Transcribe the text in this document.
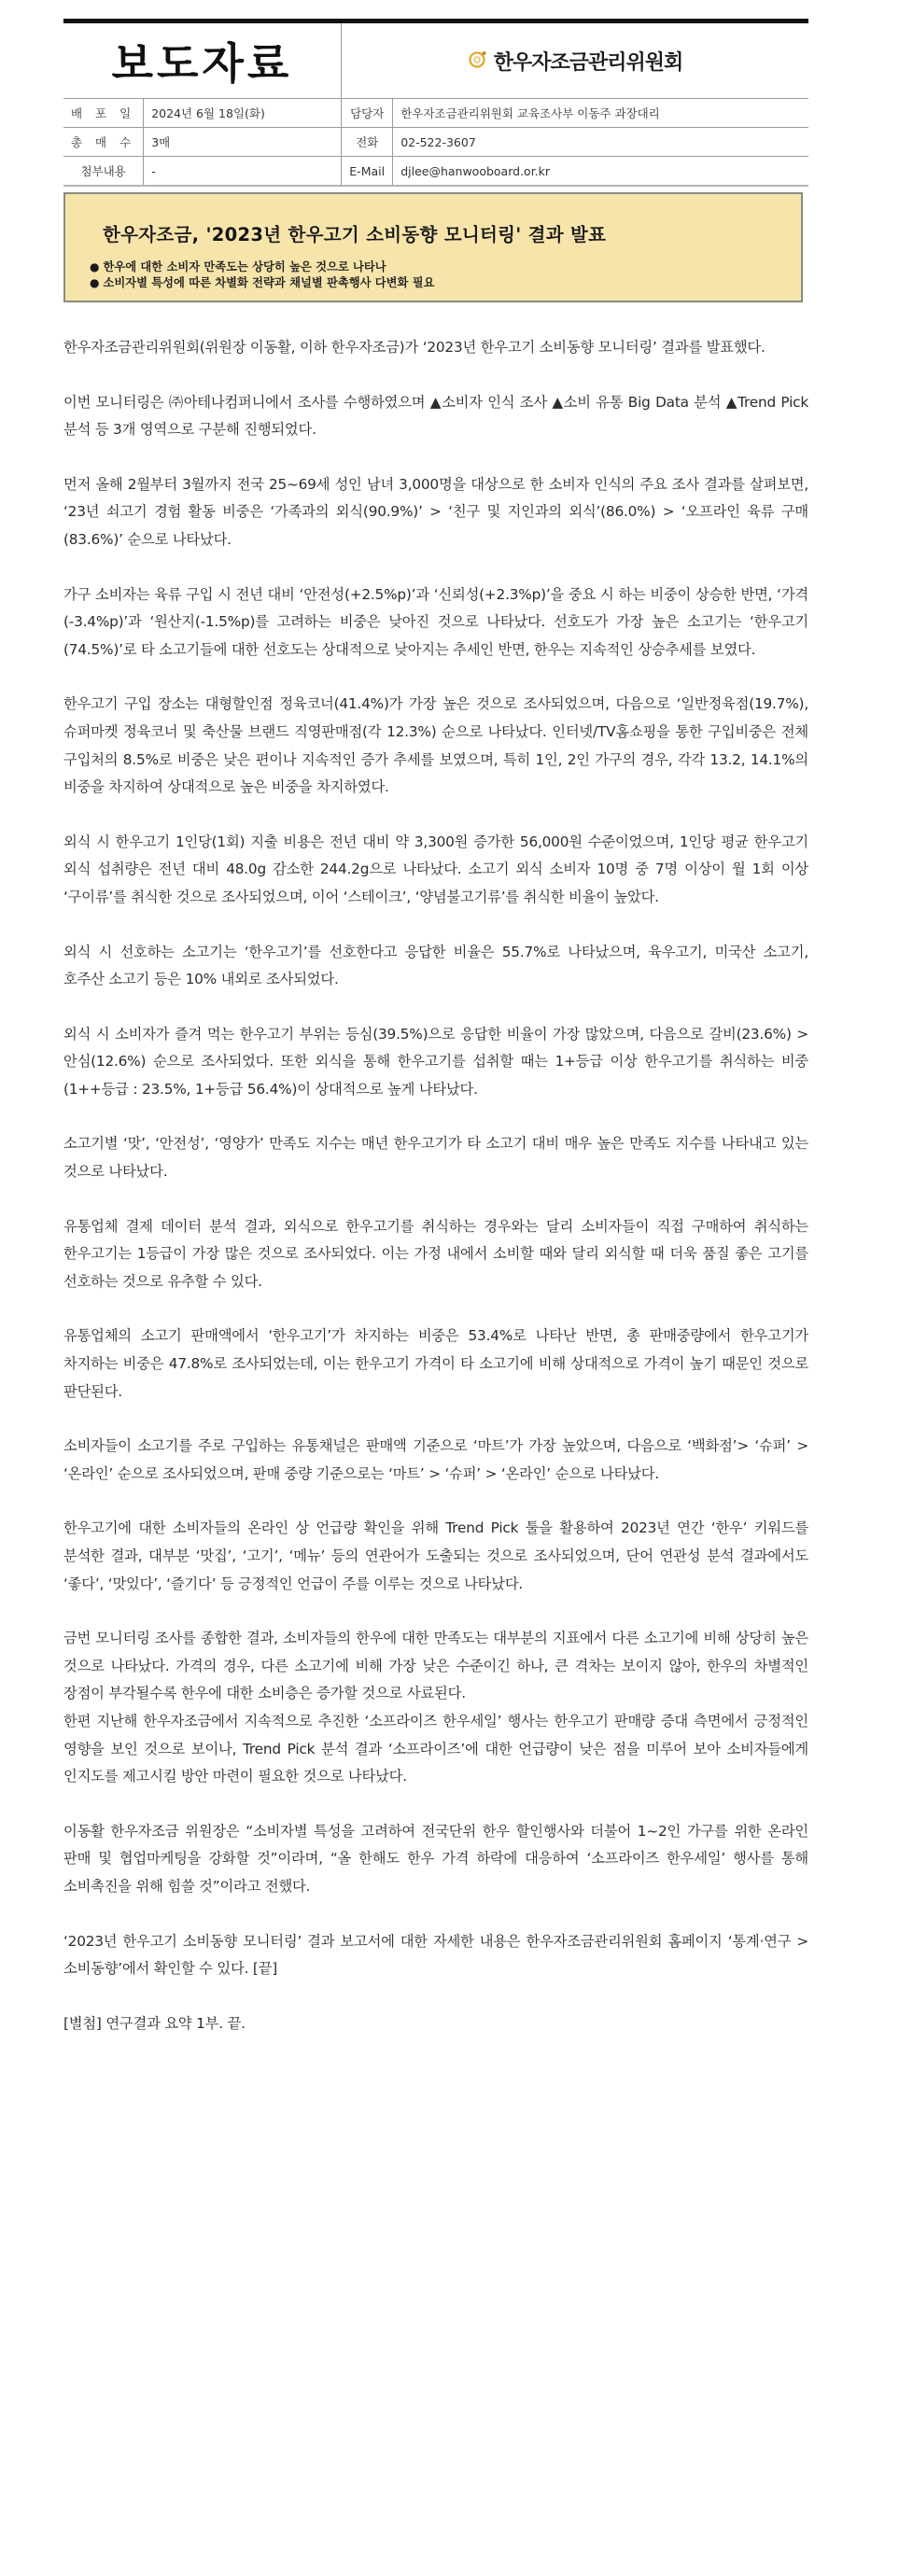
보도자료	한우자조금관리위원회
배 포 일	2024년 6월 18일(화)	담당자	한우자조금관리위원회 교육조사부 이동주 과장대리
총 매 수	3매	전화	02-522-3607
첨부내용	-	E-Mail	djlee@hanwooboard.or.kr
한우자조금, '2023년 한우고기 소비동향 모니터링' 결과 발표
● 한우에 대한 소비자 만족도는 상당히 높은 것으로 나타나
● 소비자별 특성에 따른 차별화 전략과 채널별 판촉행사 다변화 필요

한우자조금관리위원회(위원장 이동활, 이하 한우자조금)가 ‘2023년 한우고기 소비동향 모니터링’ 결과를 발표했다.

이번 모니터링은 ㈜아테나컴퍼니에서 조사를 수행하였으며 ▲소비자 인식 조사 ▲소비 유통 Big Data 분석 ▲Trend Pick 분석 등 3개 영역으로 구분해 진행되었다.

먼저 올해 2월부터 3월까지 전국 25~69세 성인 남녀 3,000명을 대상으로 한 소비자 인식의 주요 조사 결과를 살펴보면, ‘23년 쇠고기 경험 활동 비중은 ‘가족과의 외식(90.9%)’ > ‘친구 및 지인과의 외식’(86.0%) > ‘오프라인 육류 구매(83.6%)’ 순으로 나타났다.

가구 소비자는 육류 구입 시 전년 대비 ‘안전성(+2.5%p)’과 ‘신뢰성(+2.3%p)’을 중요 시 하는 비중이 상승한 반면, ‘가격(-3.4%p)’과 ‘원산지(-1.5%p)를 고려하는 비중은 낮아진 것으로 나타났다. 선호도가 가장 높은 소고기는 ‘한우고기(74.5%)’로 타 소고기들에 대한 선호도는 상대적으로 낮아지는 추세인 반면, 한우는 지속적인 상승추세를 보였다.

한우고기 구입 장소는 대형할인점 정육코너(41.4%)가 가장 높은 것으로 조사되었으며, 다음으로 ‘일반정육점(19.7%), 슈퍼마켓 정육코너 및 축산물 브랜드 직영판매점(각 12.3%) 순으로 나타났다. 인터넷/TV홈쇼핑을 통한 구입비중은 전체 구입처의 8.5%로 비중은 낮은 편이나 지속적인 증가 추세를 보였으며, 특히 1인, 2인 가구의 경우, 각각 13.2, 14.1%의 비중을 차지하여 상대적으로 높은 비중을 차지하였다.

외식 시 한우고기 1인당(1회) 지출 비용은 전년 대비 약 3,300원 증가한 56,000원 수준이었으며, 1인당 평균 한우고기 외식 섭취량은 전년 대비 48.0g 감소한 244.2g으로 나타났다. 소고기 외식 소비자 10명 중 7명 이상이 월 1회 이상 ‘구이류’를 취식한 것으로 조사되었으며, 이어 ‘스테이크’, ‘양념불고기류’를 취식한 비율이 높았다.

외식 시 선호하는 소고기는 ‘한우고기’를 선호한다고 응답한 비율은 55.7%로 나타났으며, 육우고기, 미국산 소고기, 호주산 소고기 등은 10% 내외로 조사되었다.

외식 시 소비자가 즐겨 먹는 한우고기 부위는 등심(39.5%)으로 응답한 비율이 가장 많았으며, 다음으로 갈비(23.6%) > 안심(12.6%) 순으로 조사되었다. 또한 외식을 통해 한우고기를 섭취할 때는 1+등급 이상 한우고기를 취식하는 비중(1++등급 : 23.5%, 1+등급 56.4%)이 상대적으로 높게 나타났다.

소고기별 ‘맛’, ‘안전성’, ‘영양가’ 만족도 지수는 매년 한우고기가 타 소고기 대비 매우 높은 만족도 지수를 나타내고 있는 것으로 나타났다.

유통업체 결제 데이터 분석 결과, 외식으로 한우고기를 취식하는 경우와는 달리 소비자들이 직접 구매하여 취식하는 한우고기는 1등급이 가장 많은 것으로 조사되었다. 이는 가정 내에서 소비할 때와 달리 외식할 때 더욱 품질 좋은 고기를 선호하는 것으로 유추할 수 있다.

유통업체의 소고기 판매액에서 ‘한우고기’가 차지하는 비중은 53.4%로 나타난 반면, 총 판매중량에서 한우고기가 차지하는 비중은 47.8%로 조사되었는데, 이는 한우고기 가격이 타 소고기에 비해 상대적으로 가격이 높기 때문인 것으로 판단된다.

소비자들이 소고기를 주로 구입하는 유통채널은 판매액 기준으로 ‘마트’가 가장 높았으며, 다음으로 ‘백화점’> ‘슈퍼’ > ‘온라인’ 순으로 조사되었으며, 판매 중량 기준으로는 ‘마트’ > ‘슈퍼’ > ‘온라인’ 순으로 나타났다.

한우고기에 대한 소비자들의 온라인 상 언급량 확인을 위해 Trend Pick 툴을 활용하여 2023년 연간 ‘한우’ 키워드를 분석한 결과, 대부분 ‘맛집’, ‘고기’, ‘메뉴’ 등의 연관어가 도출되는 것으로 조사되었으며, 단어 연관성 분석 결과에서도 ‘좋다’, ‘맛있다’, ‘즐기다’ 등 긍정적인 언급이 주를 이루는 것으로 나타났다.

금번 모니터링 조사를 종합한 결과, 소비자들의 한우에 대한 만족도는 대부분의 지표에서 다른 소고기에 비해 상당히 높은 것으로 나타났다. 가격의 경우, 다른 소고기에 비해 가장 낮은 수준이긴 하나, 큰 격차는 보이지 않아, 한우의 차별적인 장점이 부각될수록 한우에 대한 소비층은 증가할 것으로 사료된다.

한편 지난해 한우자조금에서 지속적으로 추진한 ‘소프라이즈 한우세일’ 행사는 한우고기 판매량 증대 측면에서 긍정적인 영향을 보인 것으로 보이나, Trend Pick 분석 결과 ‘소프라이즈’에 대한 언급량이 낮은 점을 미루어 보아 소비자들에게 인지도를 제고시킬 방안 마련이 필요한 것으로 나타났다.

이동활 한우자조금 위원장은 “소비자별 특성을 고려하여 전국단위 한우 할인행사와 더불어 1~2인 가구를 위한 온라인 판매 및 협업마케팅을 강화할 것”이라며, “올 한해도 한우 가격 하락에 대응하여 ‘소프라이즈 한우세일’ 행사를 통해 소비촉진을 위해 힘쓸 것”이라고 전했다.

‘2023년 한우고기 소비동향 모니터링’ 결과 보고서에 대한 자세한 내용은 한우자조금관리위원회 홈페이지 ‘통계·연구 > 소비동향’에서 확인할 수 있다. [끝]

[별첨] 연구결과 요약 1부. 끝.
